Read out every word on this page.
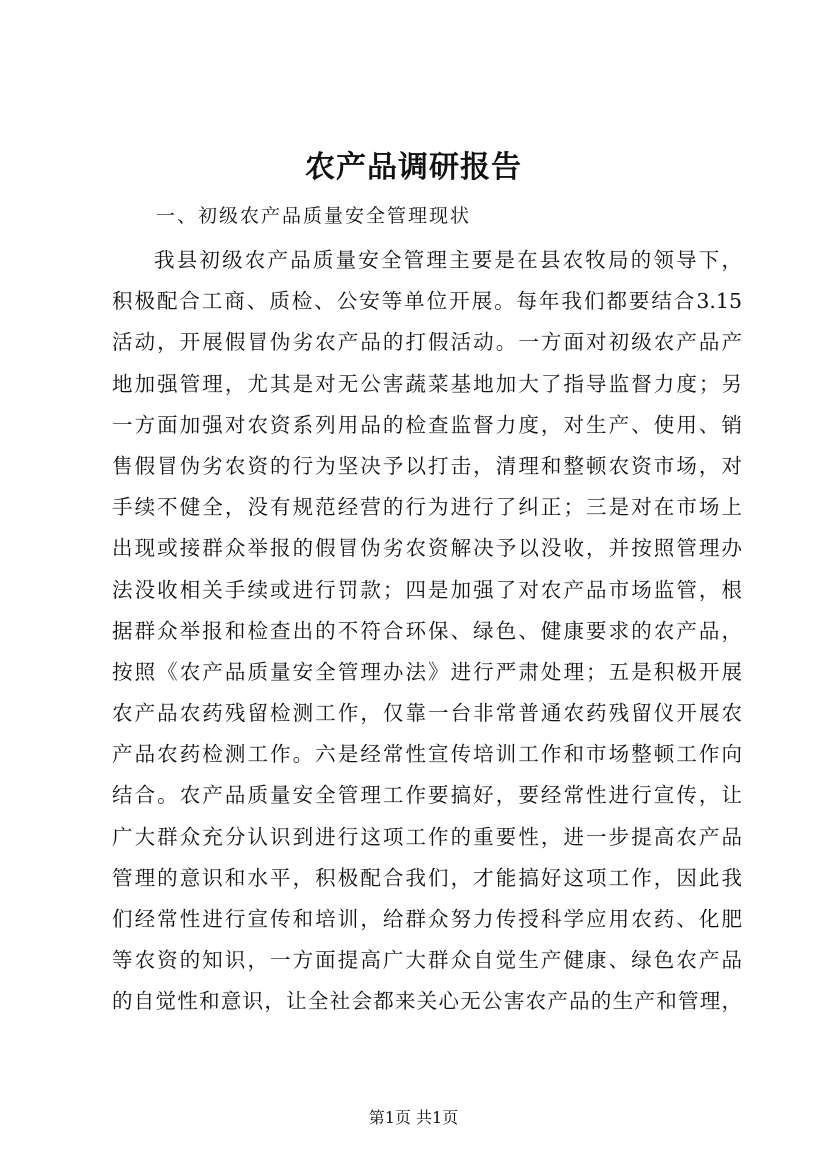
农产品调研报告
一、初级农产品质量安全管理现状
我县初级农产品质量安全管理主要是在县农牧局的领导下，
积极配合工商、质检、公安等单位开展。每年我们都要结合3.15
活动，开展假冒伪劣农产品的打假活动。一方面对初级农产品产
地加强管理，尤其是对无公害蔬菜基地加大了指导监督力度；另
一方面加强对农资系列用品的检查监督力度，对生产、使用、销
售假冒伪劣农资的行为坚决予以打击，清理和整顿农资市场，对
手续不健全，没有规范经营的行为进行了纠正；三是对在市场上
出现或接群众举报的假冒伪劣农资解决予以没收，并按照管理办
法没收相关手续或进行罚款；四是加强了对农产品市场监管，根
据群众举报和检查出的不符合环保、绿色、健康要求的农产品，
按照《农产品质量安全管理办法》进行严肃处理；五是积极开展
农产品农药残留检测工作，仅靠一台非常普通农药残留仪开展农
产品农药检测工作。六是经常性宣传培训工作和市场整顿工作向
结合。农产品质量安全管理工作要搞好，要经常性进行宣传，让
广大群众充分认识到进行这项工作的重要性，进一步提高农产品
管理的意识和水平，积极配合我们，才能搞好这项工作，因此我
们经常性进行宣传和培训，给群众努力传授科学应用农药、化肥
等农资的知识，一方面提高广大群众自觉生产健康、绿色农产品
的自觉性和意识，让全社会都来关心无公害农产品的生产和管理，
第1页 共1页
